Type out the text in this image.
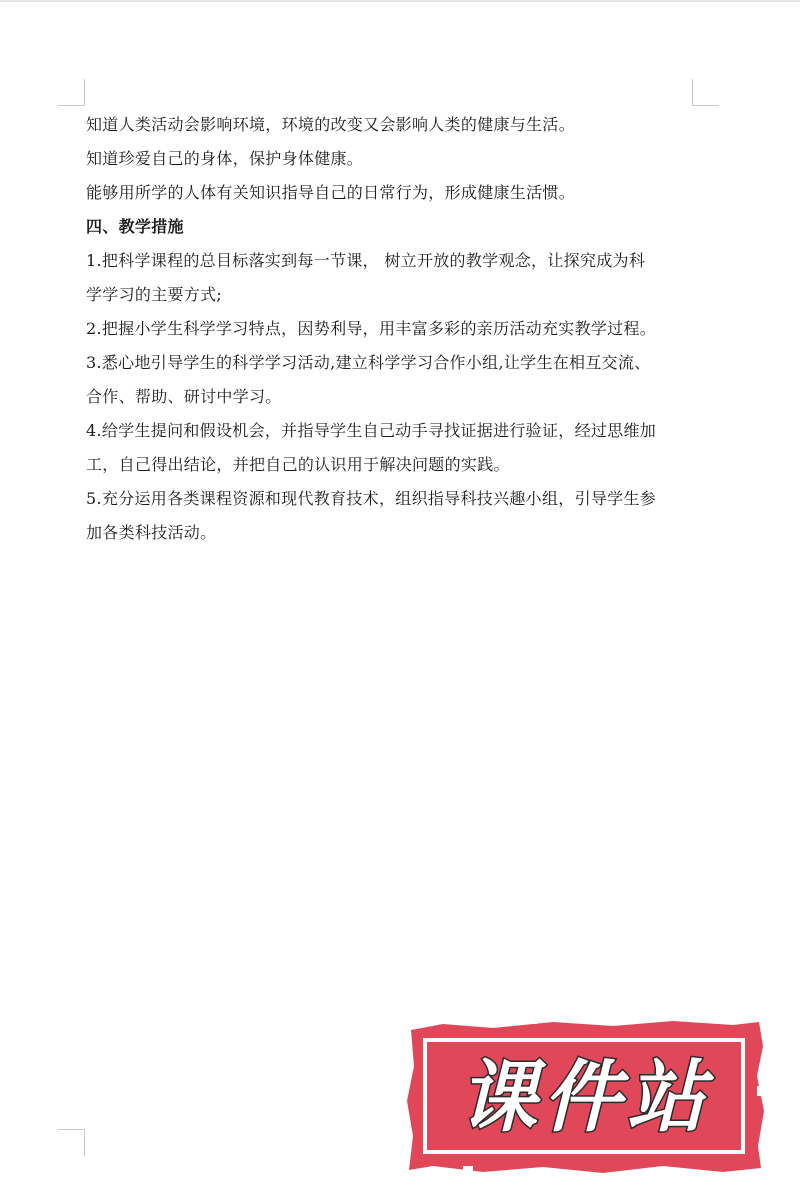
知道人类活动会影响环境，环境的改变又会影响人类的健康与生活。

知道珍爱自己的身体，保护身体健康。

能够用所学的人体有关知识指导自己的日常行为，形成健康生活惯。

四、教学措施

1.把科学课程的总目标落实到每一节课， 树立开放的教学观念，让探究成为科

学学习的主要方式;

2.把握小学生科学学习特点，因势利导，用丰富多彩的亲历活动充实教学过程。

3.悉心地引导学生的科学学习活动,建立科学学习合作小组,让学生在相互交流、

合作、帮助、研讨中学习。

4.给学生提问和假设机会，并指导学生自己动手寻找证据进行验证，经过思维加

工，自己得出结论，并把自己的认识用于解决问题的实践。

5.充分运用各类课程资源和现代教育技术，组织指导科技兴趣小组，引导学生参

加各类科技活动。

课件站
